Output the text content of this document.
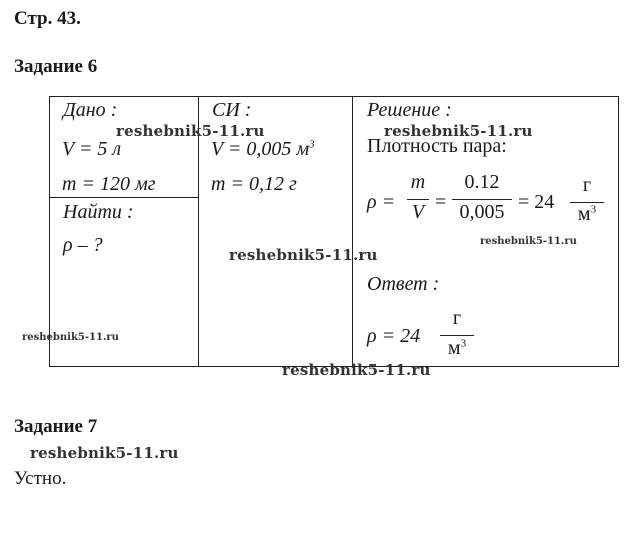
Стр. 43.
Задание 6
Дано :
V = 5 л
m = 120 мг
Найти :
ρ – ?
СИ :
V = 0,005 $м^3$
m = 0,12 г
Решение :
Плотность пара:
ρ =
m
V =
0.12
0,005 = 24
г
$м^3$
Ответ :
ρ = 24
г
$м^3$
reshebnik5-11.ru	reshebnik5-11.ru
reshebnik5-11.ru
reshebnik5-11.ru
reshebnik5-11.ru
reshebnik5-11.ru
Задание 7
reshebnik5-11.ru
Устно.
